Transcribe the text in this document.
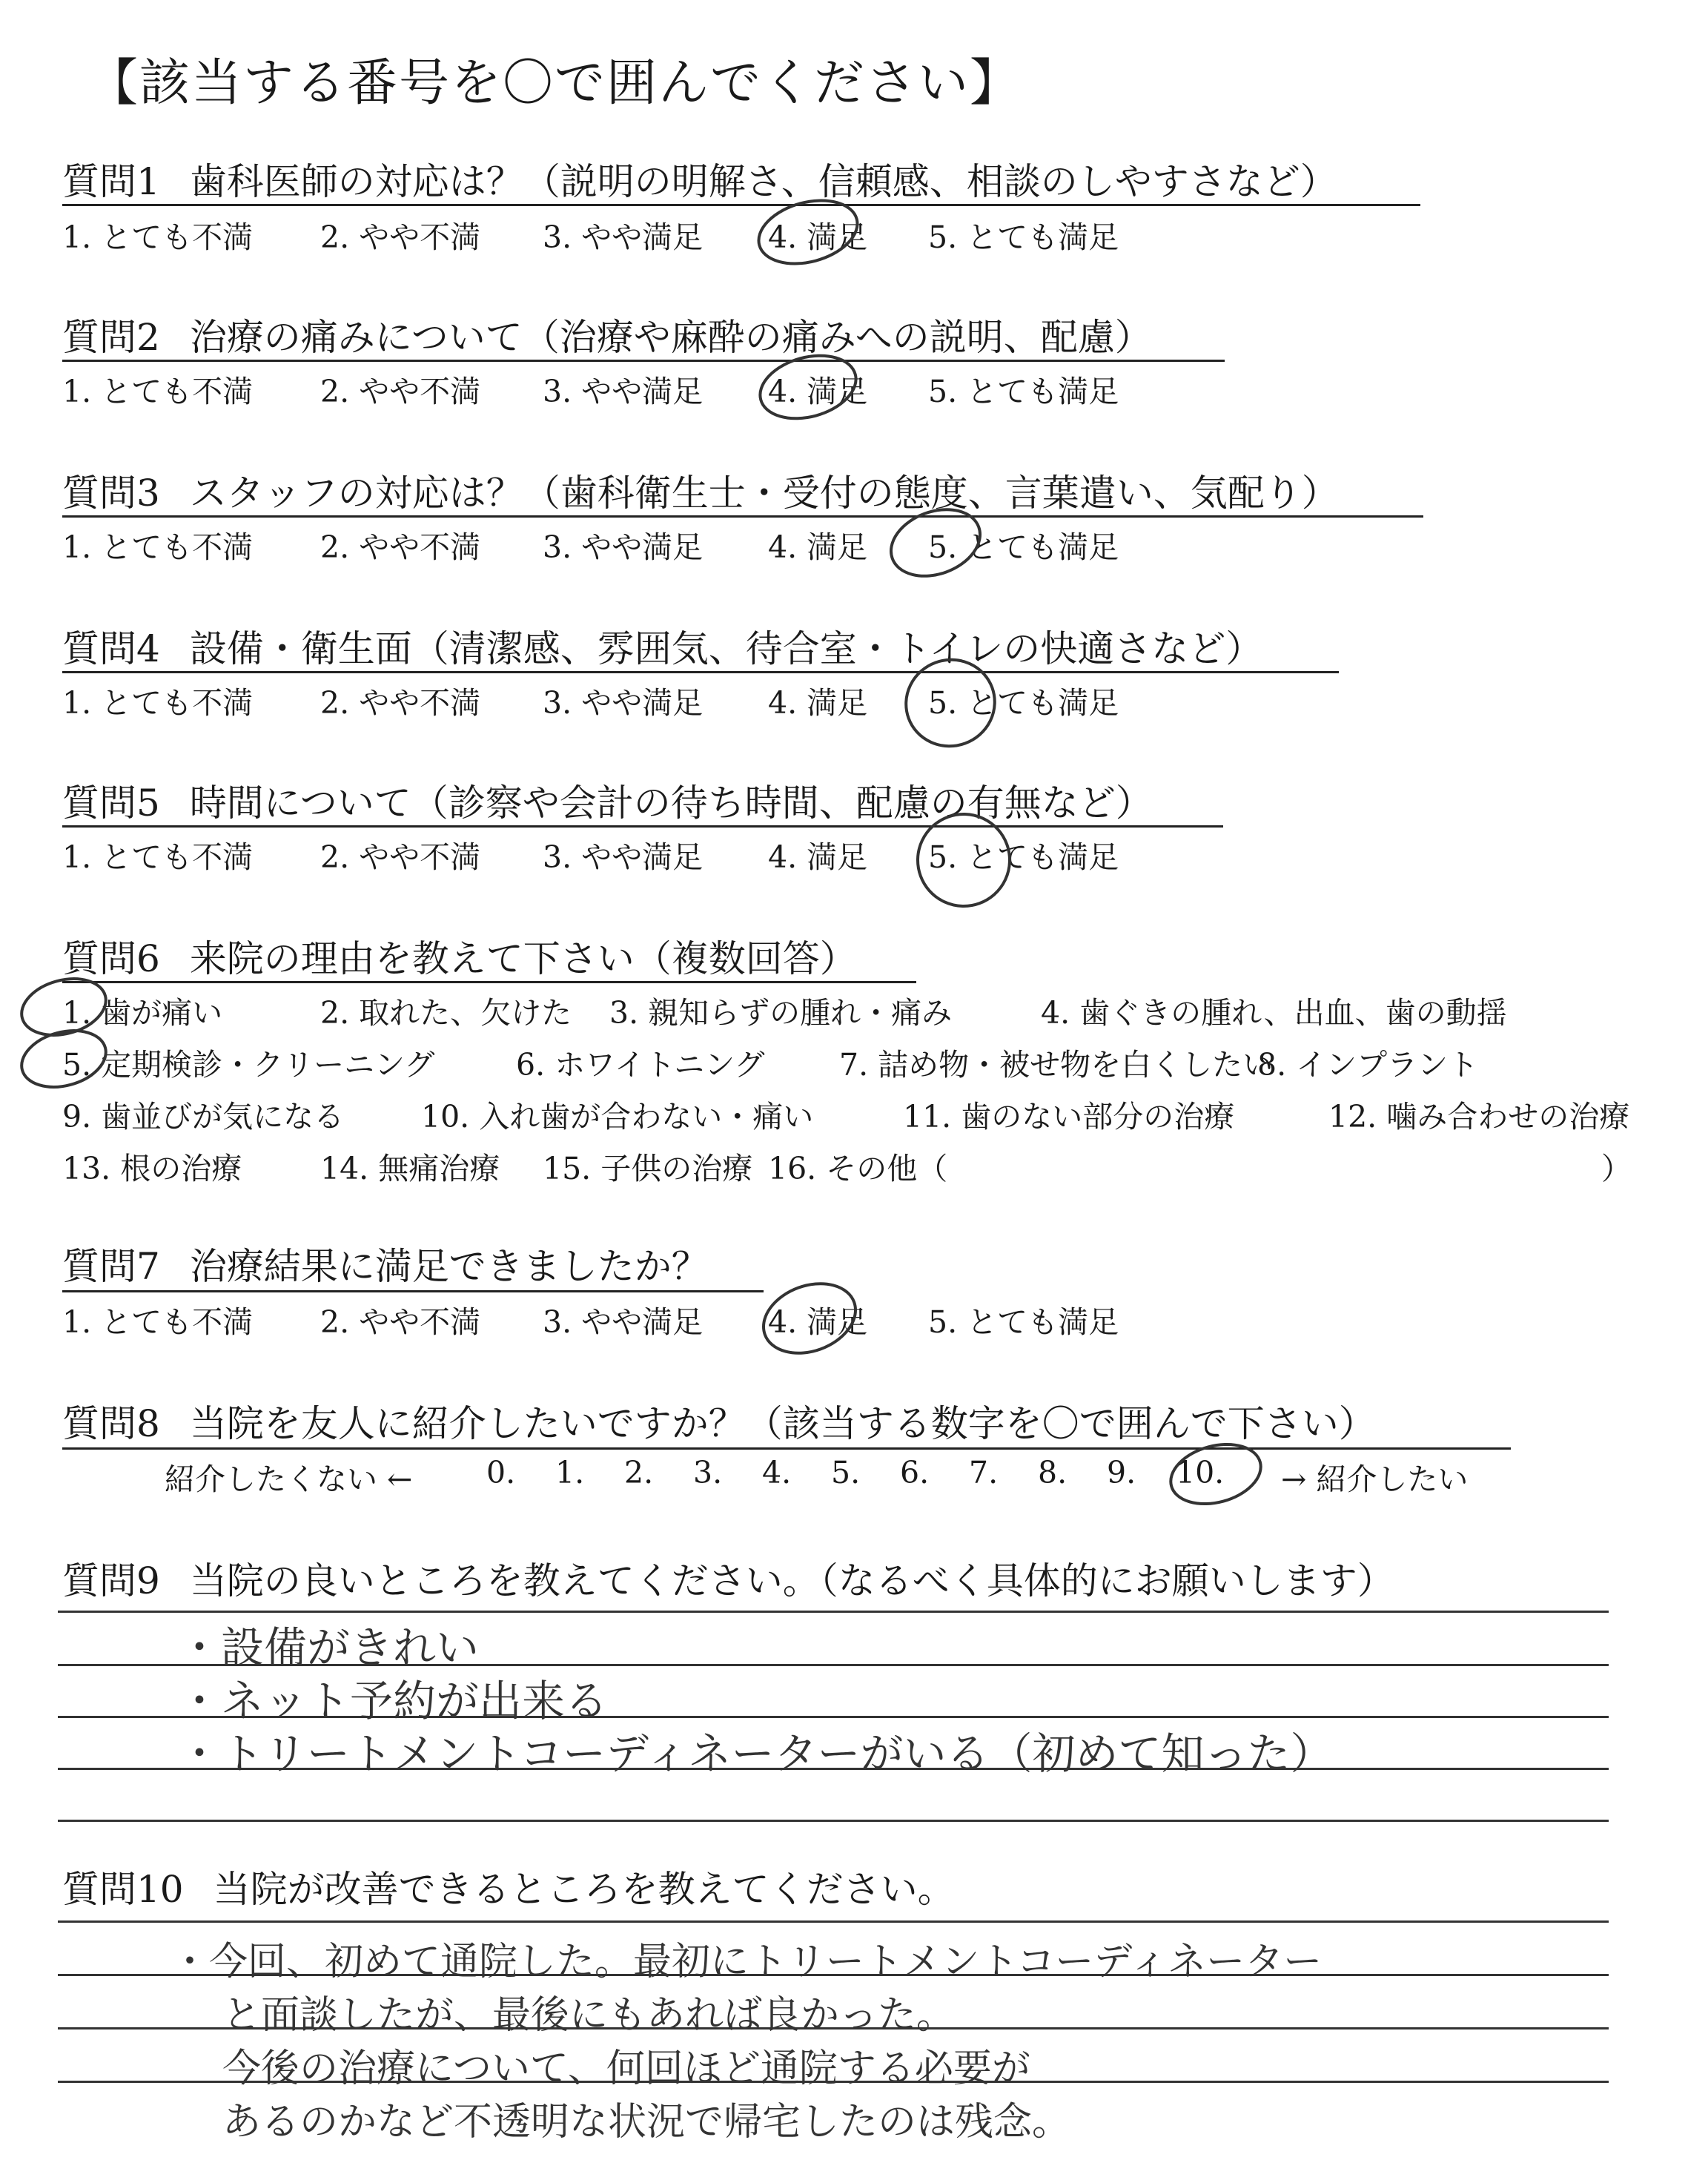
【該当する番号を〇で囲んでください】
質問1 歯科医師の対応は？（説明の明解さ、信頼感、相談のしやすさなど）
1. とても不満 2. やや不満 3. やや満足 4. 満足 5. とても満足
質問2 治療の痛みについて（治療や麻酔の痛みへの説明、配慮）
1. とても不満 2. やや不満 3. やや満足 4. 満足 5. とても満足
質問3 スタッフの対応は？（歯科衛生士・受付の態度、言葉遣い、気配り）
1. とても不満 2. やや不満 3. やや満足 4. 満足 5. とても満足
質問4 設備・衛生面（清潔感、雰囲気、待合室・トイレの快適さなど）
1. とても不満 2. やや不満 3. やや満足 4. 満足 5. とても満足
質問5 時間について（診察や会計の待ち時間、配慮の有無など）
1. とても不満 2. やや不満 3. やや満足 4. 満足 5. とても満足
質問6 来院の理由を教えて下さい（複数回答）
1. 歯が痛い	2. 取れた、欠けた 3. 親知らずの腫れ・痛み	4. 歯ぐきの腫れ、出血、歯の動揺
5. 定期検診・クリーニング	6. ホワイトニング 7. 詰め物・被せ物を白くしたい
8. インプラント
9. 歯並びが気になる	10. 入れ歯が合わない・痛い	11. 歯のない部分の治療	12. 噛み合わせの治療
13. 根の治療	14. 無痛治療 15. 子供の治療 16. その他（	）
質問7 治療結果に満足できましたか？
1. とても不満 2. やや不満 3. やや満足 4. 満足 5. とても満足
質問8 当院を友人に紹介したいですか？（該当する数字を〇で囲んで下さい）
紹介したくない ← 0. 1. 2. 3. 4. 5. 6. 7. 8. 9. 10. → 紹介したい
質問9 当院の良いところを教えてください。（なるべく具体的にお願いします）
・設備がきれい
・ネット予約が出来る
・トリートメントコーディネーターがいる（初めて知った）
質問10 当院が改善できるところを教えてください。
・今回、初めて通院した。最初にトリートメントコーディネーター
と面談したが、最後にもあれば良かった。
今後の治療について、何回ほど通院する必要が
あるのかなど不透明な状況で帰宅したのは残念。
